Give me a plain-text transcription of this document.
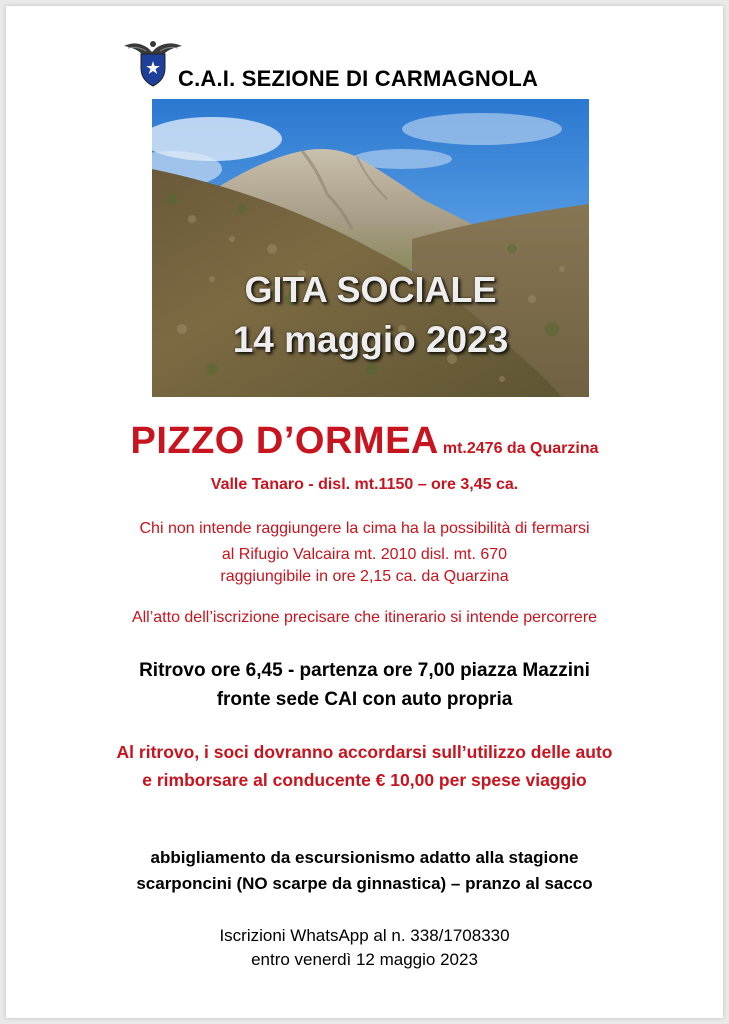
C.A.I. SEZIONE DI CARMAGNOLA
GITA SOCIALE
14 maggio 2023
PIZZO D’ORMEA mt.2476 da Quarzina
Valle Tanaro - disl. mt.1150 – ore 3,45 ca.
Chi non intende raggiungere la cima ha la possibilità di fermarsi
al Rifugio Valcaira mt. 2010 disl. mt. 670
raggiungibile in ore 2,15 ca. da Quarzina
All’atto dell’iscrizione precisare che itinerario si intende percorrere
Ritrovo ore 6,45 - partenza ore 7,00 piazza Mazzini
fronte sede CAI con auto propria
Al ritrovo, i soci dovranno accordarsi sull’utilizzo delle auto
e rimborsare al conducente € 10,00 per spese viaggio
abbigliamento da escursionismo adatto alla stagione
scarponcini (NO scarpe da ginnastica) – pranzo al sacco
Iscrizioni WhatsApp al n. 338/1708330
entro venerdì 12 maggio 2023
